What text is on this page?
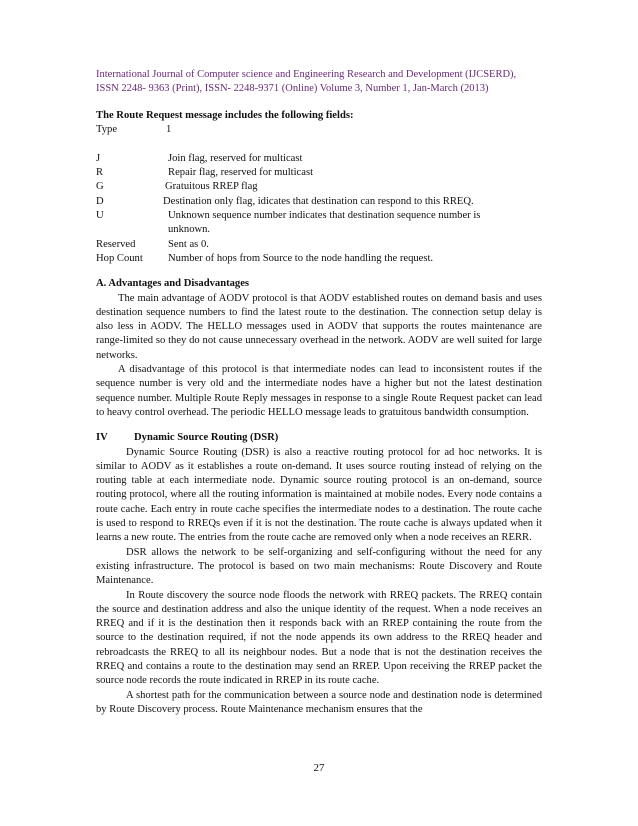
International Journal of Computer science and Engineering Research and Development (IJCSERD),
ISSN 2248- 9363 (Print), ISSN- 2248-9371 (Online) Volume 3, Number 1, Jan-March (2013)
The Route Request message includes the following fields:
Type	1
J	Join flag, reserved for multicast
R	Repair flag, reserved for multicast
G	Gratuitous RREP flag
D	Destination only flag, idicates that destination can respond to this RREQ.
U	Unknown sequence number indicates that destination sequence number is unknown.
Reserved	Sent as 0.
Hop Count Number of hops from Source to the node handling the request.
A. Advantages and Disadvantages

The main advantage of AODV protocol is that AODV established routes on demand basis and uses destination sequence numbers to find the latest route to the destination. The connection setup delay is also less in AODV. The HELLO messages used in AODV that supports the routes maintenance are range-limited so they do not cause unnecessary overhead in the network. AODV are well suited for large networks.

A disadvantage of this protocol is that intermediate nodes can lead to inconsistent routes if the sequence number is very old and the intermediate nodes have a higher but not the latest destination sequence number. Multiple Route Reply messages in response to a single Route Request packet can lead to heavy control overhead. The periodic HELLO message leads to gratuitous bandwidth consumption.

IV Dynamic Source Routing (DSR)

Dynamic Source Routing (DSR) is also a reactive routing protocol for ad hoc networks. It is similar to AODV as it establishes a route on-demand. It uses source routing instead of relying on the routing table at each intermediate node. Dynamic source routing protocol is an on-demand, source routing protocol, where all the routing information is maintained at mobile nodes. Every node contains a route cache. Each entry in route cache specifies the intermediate nodes to a destination. The route cache is used to respond to RREQs even if it is not the destination. The route cache is always updated when it learns a new route. The entries from the route cache are removed only when a node receives an RERR.

DSR allows the network to be self-organizing and self-configuring without the need for any existing infrastructure. The protocol is based on two main mechanisms: Route Discovery and Route Maintenance.

In Route discovery the source node floods the network with RREQ packets. The RREQ contain the source and destination address and also the unique identity of the request. When a node receives an RREQ and if it is the destination then it responds back with an RREP containing the route from the source to the destination required, if not the node appends its own address to the RREQ header and rebroadcasts the RREQ to all its neighbour nodes. But a node that is not the destination receives the RREQ and contains a route to the destination may send an RREP. Upon receiving the RREP packet the source node records the route indicated in RREP in its route cache.

A shortest path for the communication between a source node and destination node is determined by Route Discovery process. Route Maintenance mechanism ensures that the

27
